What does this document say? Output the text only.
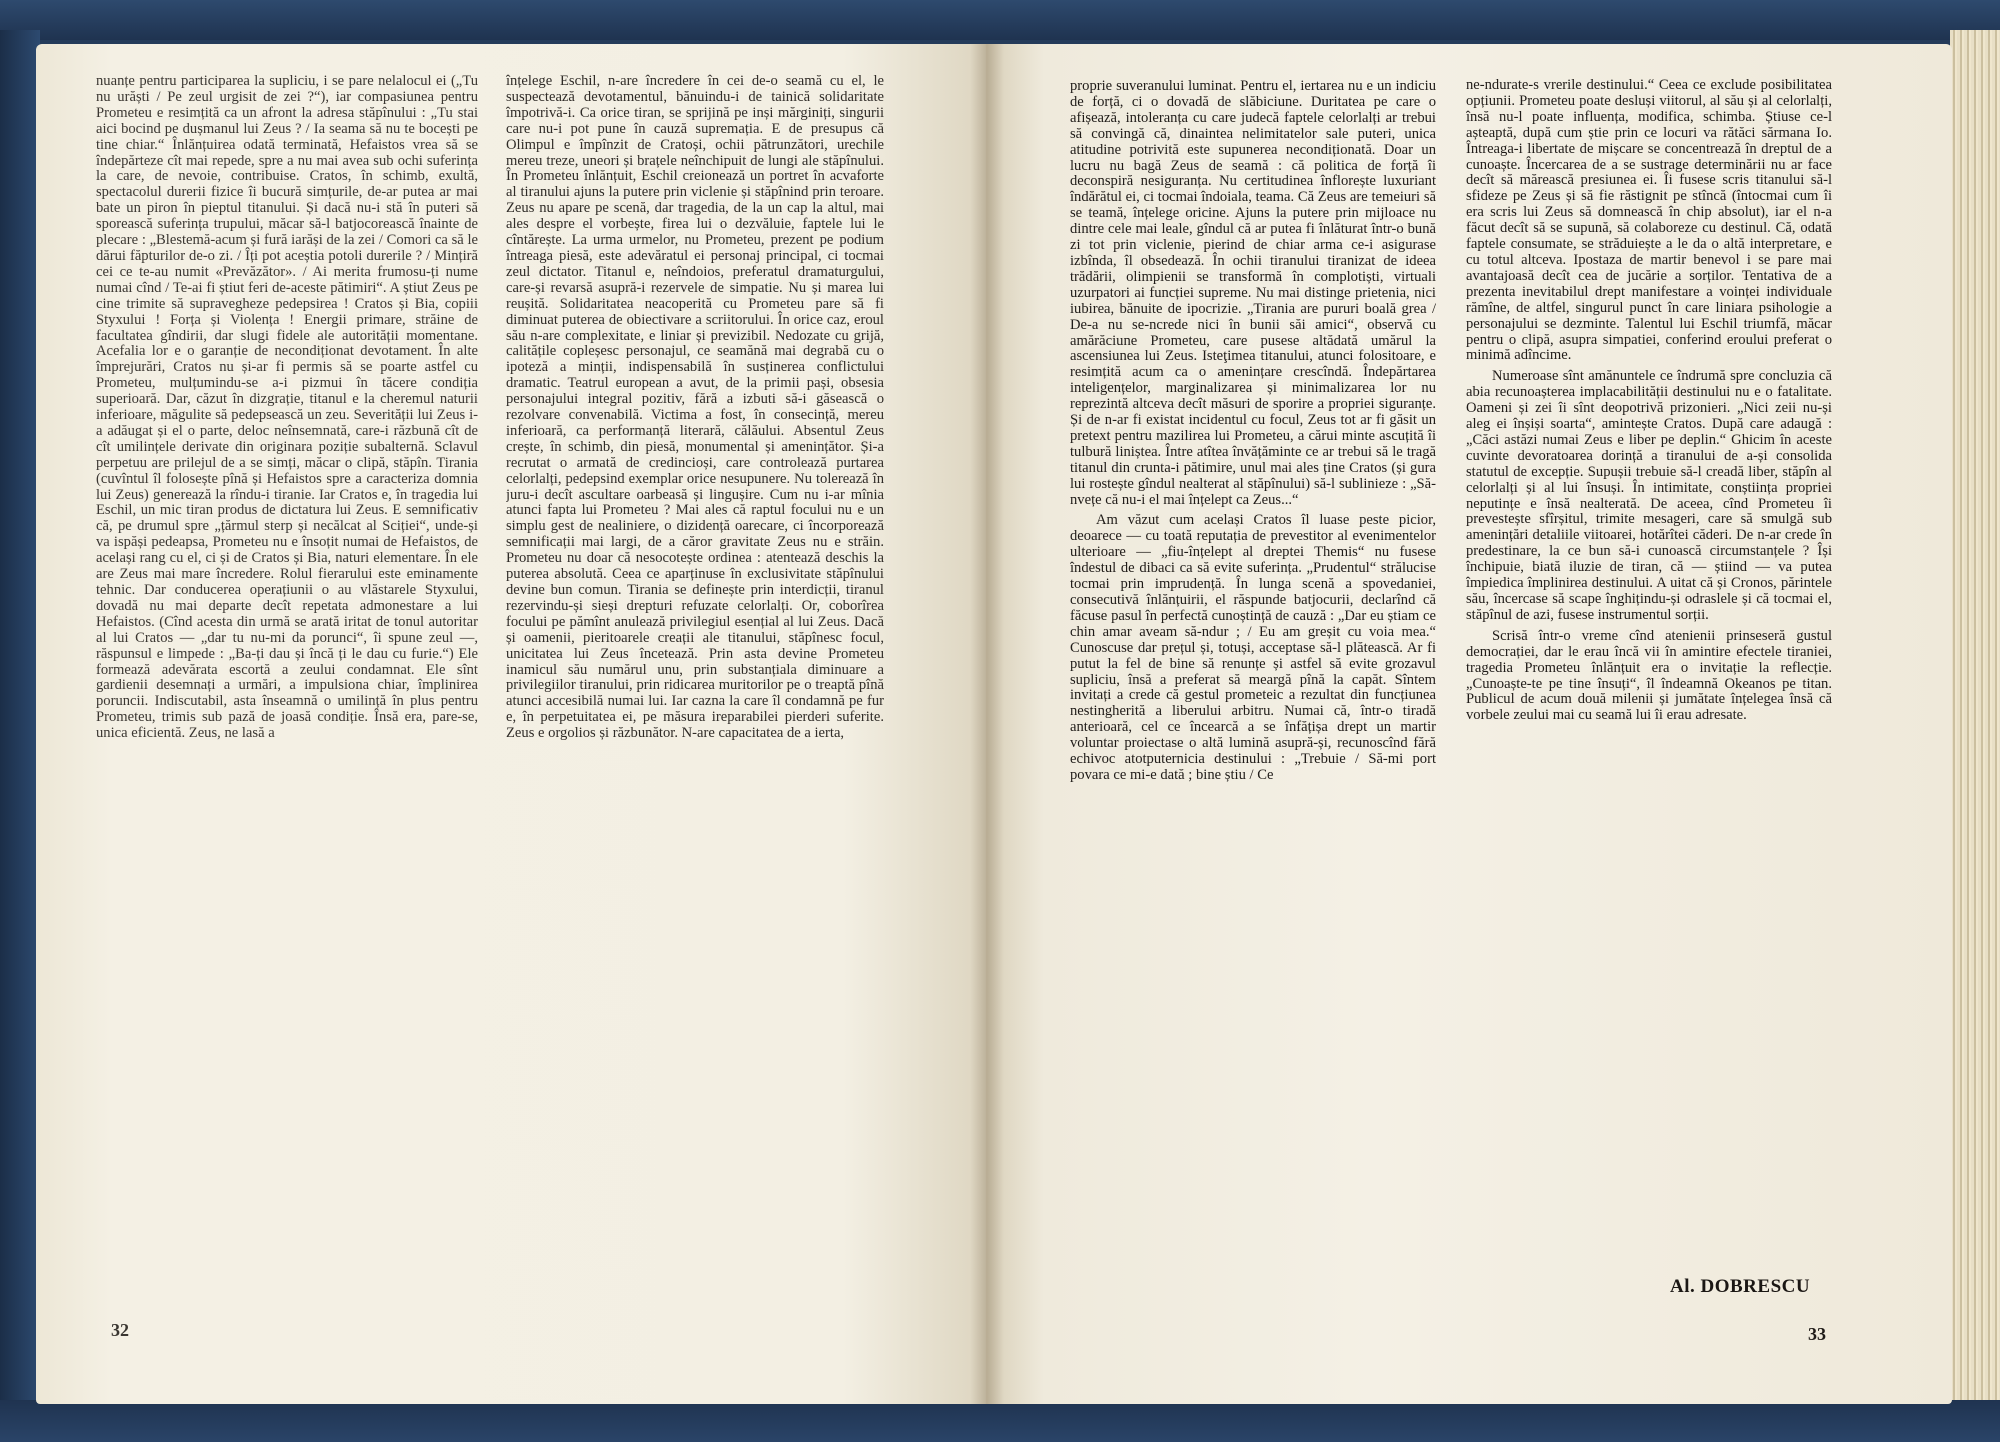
nuanțe pentru participarea la supliciu, i se pare nelalocul ei („Tu nu urăști / Pe zeul urgisit de zei ?“), iar compasiunea pentru Prometeu e resimțită ca un afront la adresa stăpînului : „Tu stai aici bocind pe dușmanul lui Zeus ? / Ia seama să nu te bocești pe tine chiar.“ Înlănțuirea odată terminată, Hefaistos vrea să se îndepărteze cît mai repede, spre a nu mai avea sub ochi suferința la care, de nevoie, contribuise. Cratos, în schimb, exultă, spectacolul durerii fizice îi bucură simțurile, de-ar putea ar mai bate un piron în pieptul titanului. Și dacă nu-i stă în puteri să sporească suferința trupului, măcar să-l batjocorească înainte de plecare : „Blestemă-acum și fură iarăși de la zei / Comori ca să le dărui făpturilor de-o zi. / Îți pot aceștia potoli durerile ? / Mințiră cei ce te-au numit «Prevăzător». / Ai merita frumosu-ți nume numai cînd / Te-ai fi știut feri de-aceste pătimiri“. A știut Zeus pe cine trimite să supravegheze pedepsirea ! Cratos și Bia, copiii Styxului ! Forța și Violența ! Energii primare, străine de facultatea gîndirii, dar slugi fidele ale autorității momentane. Acefalia lor e o garanție de necondiționat devotament. În alte împrejurări, Cratos nu și-ar fi permis să se poarte astfel cu Prometeu, mulțumindu-se a-i pizmui în tăcere condiția superioară. Dar, căzut în dizgrație, titanul e la cheremul naturii inferioare, măgulite să pedepsească un zeu. Severității lui Zeus i-a adăugat și el o parte, deloc neînsemnată, care-i răzbună cît de cît umilințele derivate din originara poziție subalternă. Sclavul perpetuu are prilejul de a se simți, măcar o clipă, stăpîn. Tirania (cuvîntul îl folosește pînă și Hefaistos spre a caracteriza domnia lui Zeus) generează la rîndu-i tiranie. Iar Cratos e, în tragedia lui Eschil, un mic tiran produs de dictatura lui Zeus. E semnificativ că, pe drumul spre „țărmul sterp și necălcat al Sciției“, unde-și va ispăși pedeapsa, Prometeu nu e însoțit numai de Hefaistos, de același rang cu el, ci și de Cratos și Bia, naturi elementare. În ele are Zeus mai mare încredere. Rolul fierarului este eminamente tehnic. Dar conducerea operațiunii o au vlăstarele Styxului, dovadă nu mai departe decît repetata admonestare a lui Hefaistos. (Cînd acesta din urmă se arată iritat de tonul autoritar al lui Cratos — „dar tu nu-mi da porunci“, îi spune zeul —, răspunsul e limpede : „Ba-ți dau și încă ți le dau cu furie.“) Ele formează adevărata escortă a zeului condamnat. Ele sînt gardienii desemnați a urmări, a impulsiona chiar, împlinirea poruncii. Indiscutabil, asta înseamnă o umilință în plus pentru Prometeu, trimis sub pază de joasă condiție. Însă era, pare-se, unica eficientă. Zeus, ne lasă a

înțelege Eschil, n-are încredere în cei de-o seamă cu el, le suspectează devotamentul, bănuindu-i de tainică solidaritate împotrivă-i. Ca orice tiran, se sprijină pe inși mărginiți, singurii care nu-i pot pune în cauză supremația. E de presupus că Olimpul e împînzit de Cratoși, ochii pătrunzători, urechile mereu treze, uneori și brațele neînchipuit de lungi ale stăpînului. În Prometeu înlănțuit, Eschil creionează un portret în acvaforte al tiranului ajuns la putere prin viclenie și stăpînind prin teroare. Zeus nu apare pe scenă, dar tragedia, de la un cap la altul, mai ales despre el vorbește, firea lui o dezvăluie, faptele lui le cîntărește. La urma urmelor, nu Prometeu, prezent pe podium întreaga piesă, este adevăratul ei personaj principal, ci tocmai zeul dictator. Titanul e, neîndoios, preferatul dramaturgului, care-și revarsă asupră-i rezervele de simpatie. Nu și marea lui reușită. Solidaritatea neacoperită cu Prometeu pare să fi diminuat puterea de obiectivare a scriitorului. În orice caz, eroul său n-are complexitate, e liniar și previzibil. Nedozate cu grijă, calitățile copleșesc personajul, ce seamănă mai degrabă cu o ipoteză a minții, indispensabilă în susținerea conflictului dramatic. Teatrul european a avut, de la primii pași, obsesia personajului integral pozitiv, fără a izbuti să-i găsească o rezolvare convenabilă. Victima a fost, în consecință, mereu inferioară, ca performanță literară, călăului. Absentul Zeus crește, în schimb, din piesă, monumental și amenințător. Și-a recrutat o armată de credincioși, care controlează purtarea celorlalți, pedepsind exemplar orice nesupunere. Nu tolerează în juru-i decît ascultare oarbeasă și lingușire. Cum nu i-ar mînia atunci fapta lui Prometeu ? Mai ales că raptul focului nu e un simplu gest de nealiniere, o dizidență oarecare, ci încorporează semnificații mai largi, de a căror gravitate Zeus nu e străin. Prometeu nu doar că nesocotește ordinea : atentează deschis la puterea absolută. Ceea ce aparținuse în exclusivitate stăpînului devine bun comun. Tirania se definește prin interdicții, tiranul rezervindu-și sieși drepturi refuzate celorlalți. Or, coborîrea focului pe pămînt anulează privilegiul esențial al lui Zeus. Dacă și oamenii, pieritoarele creații ale titanului, stăpînesc focul, unicitatea lui Zeus încetează. Prin asta devine Prometeu inamicul său numărul unu, prin substanțiala diminuare a privilegiilor tiranului, prin ridicarea muritorilor pe o treaptă pînă atunci accesibilă numai lui. Iar cazna la care îl condamnă pe fur e, în perpetuitatea ei, pe măsura ireparabilei pierderi suferite. Zeus e orgolios și răzbunător. N-are capacitatea de a ierta,

32

proprie suveranului luminat. Pentru el, iertarea nu e un indiciu de forță, ci o dovadă de slăbiciune. Duritatea pe care o afișează, intoleranța cu care judecă faptele celorlalți ar trebui să convingă că, dinaintea nelimitatelor sale puteri, unica atitudine potrivită este supunerea necondiționată. Doar un lucru nu bagă Zeus de seamă : că politica de forță îi deconspiră nesiguranța. Nu certitudinea înflorește luxuriant îndărătul ei, ci tocmai îndoiala, teama. Că Zeus are temeiuri să se teamă, înțelege oricine. Ajuns la putere prin mijloace nu dintre cele mai leale, gîndul că ar putea fi înlăturat într-o bună zi tot prin viclenie, pierind de chiar arma ce-i asigurase izbînda, îl obsedează. În ochii tiranului tiranizat de ideea trădării, olimpienii se transformă în complotiști, virtuali uzurpatori ai funcției supreme. Nu mai distinge prietenia, nici iubirea, bănuite de ipocrizie. „Tirania are pururi boală grea / De-a nu se-ncrede nici în bunii săi amici“, observă cu amărăciune Prometeu, care pusese altădată umărul la ascensiunea lui Zeus. Isteţimea titanului, atunci folositoare, e resimțită acum ca o amenințare crescîndă. Îndepărtarea inteligențelor, marginalizarea și minimalizarea lor nu reprezintă altceva decît măsuri de sporire a propriei siguranțe. Și de n-ar fi existat incidentul cu focul, Zeus tot ar fi găsit un pretext pentru mazilirea lui Prometeu, a cărui minte ascuțită îi tulbură liniștea. Între atîtea învățăminte ce ar trebui să le tragă titanul din cruntа-i pătimire, unul mai ales ține Cratos (și gura lui rostește gîndul nealterat al stăpînului) să-l sublinieze : „Să-nvețe că nu-i el mai înțelept ca Zeus...“

Am văzut cum același Cratos îl luase peste picior, deoarece — cu toată reputația de prevestitor al evenimentelor ulterioare — „fiu-înțelept al dreptei Themis“ nu fusese îndestul de dibaci ca să evite suferința. „Prudentul“ strălucise tocmai prin imprudență. În lunga scenă a spovedaniei, consecutivă înlănțuirii, el răspunde batjocurii, declarînd că făcuse pasul în perfectă cunoștință de cauză : „Dar eu știam ce chin amar aveam să-ndur ; / Eu am greșit cu voia mea.“ Cunoscuse dar prețul și, totuși, acceptase să-l plătească. Ar fi putut la fel de bine să renunțe și astfel să evite grozavul supliciu, însă a preferat să meargă pînă la capăt. Sîntem invitați a crede că gestul prometeic a rezultat din funcțiunea nestingherită a liberului arbitru. Numai că, într-o tiradă anterioară, cel ce încearcă a se înfățișa drept un martir voluntar proiectase o altă lumină asupră-și, recunoscînd fără echivoc atotputernicia destinului : „Trebuie / Să-mi port povara ce mi-e dată ; bine știu / Ce

ne-ndurate-s vrerile destinului.“ Ceea ce exclude posibilitatea opțiunii. Prometeu poate desluși viitorul, al său și al celorlalți, însă nu-l poate influența, modifica, schimba. Știuse ce-l așteaptă, după cum știe prin ce locuri va rătăci sărmana Io. Întreaga-i libertate de mișcare se concentrează în dreptul de a cunoaște. Încercarea de a se sustrage determinării nu ar face decît să mărească presiunea ei. Îi fusese scris titanului să-l sfideze pe Zeus și să fie răstignit pe stîncă (întocmai cum îi era scris lui Zeus să domnească în chip absolut), iar el n-a făcut decît să se supună, să colaboreze cu destinul. Că, odată faptele consumate, se străduiește a le da o altă interpretare, e cu totul altceva. Ipostaza de martir benevol i se pare mai avantajoasă decît cea de jucărie a sorților. Tentativa de a prezenta inevitabilul drept manifestare a voinței individuale rămîne, de altfel, singurul punct în care liniara psihologie a personajului se dezminte. Talentul lui Eschil triumfă, măcar pentru o clipă, asupra simpatiei, conferind eroului preferat o minimă adîncime.

Numeroase sînt amănuntele ce îndrumă spre concluzia că abia recunoașterea implacabilității destinului nu e o fatalitate. Oameni și zei îi sînt deopotrivă prizonieri. „Nici zeii nu-și aleg ei înșiși soarta“, amintește Cratos. După care adaugă : „Căci astăzi numai Zeus e liber pe deplin.“ Ghicim în aceste cuvinte devoratoarea dorință a tiranului de a-și consolida statutul de excepție. Supușii trebuie să-l creadă liber, stăpîn al celorlalți și al lui însuși. În intimitate, conștiința propriei neputințe e însă nealterată. De aceea, cînd Prometeu îi prevestește sfîrșitul, trimite mesageri, care să smulgă sub amenințări detaliile viitoarei, hotărîtei căderi. De n-ar crede în predestinare, la ce bun să-i cunoască circumstanțele ? Își închipuie, biată iluzie de tiran, că — știind — va putea împiedica împlinirea destinului. A uitat că și Cronos, părintele său, încercase să scape înghițindu-și odraslele și că tocmai el, stăpînul de azi, fusese instrumentul sorții.

Scrisă într-o vreme cînd atenienii prinseseră gustul democrației, dar le erau încă vii în amintire efectele tiraniei, tragedia Prometeu înlănțuit era o invitație la reflecție. „Cunoaște-te pe tine însuți“, îl îndeamnă Okeanos pe titan. Publicul de acum două milenii și jumătate înțelegea însă că vorbele zeului mai cu seamă lui îi erau adresate.

Al. DOBRESCU
33
